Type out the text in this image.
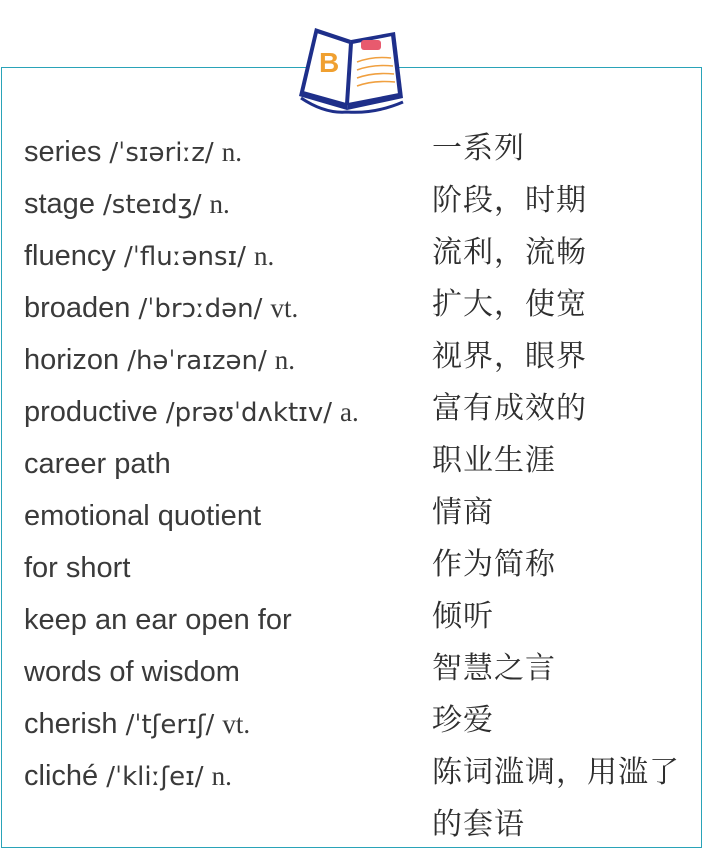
B
series /ˈsɪəriːz/ n.	一系列
stage /steɪdʒ/ n.	阶段，时期
fluency /ˈfluːənsɪ/ n.	流利，流畅
broaden /ˈbrɔːdən/ vt.	扩大，使宽
horizon /həˈraɪzən/ n.	视界，眼界
productive /prəʊˈdʌktɪv/ a. 富有成效的
career path	职业生涯
emotional quotient	情商
for short	作为简称
keep an ear open for	倾听
words of wisdom	智慧之言
cherish /ˈtʃerɪʃ/ vt.	珍爱
cliché /ˈkliːʃeɪ/ n.	陈词滥调，用滥了的套语
